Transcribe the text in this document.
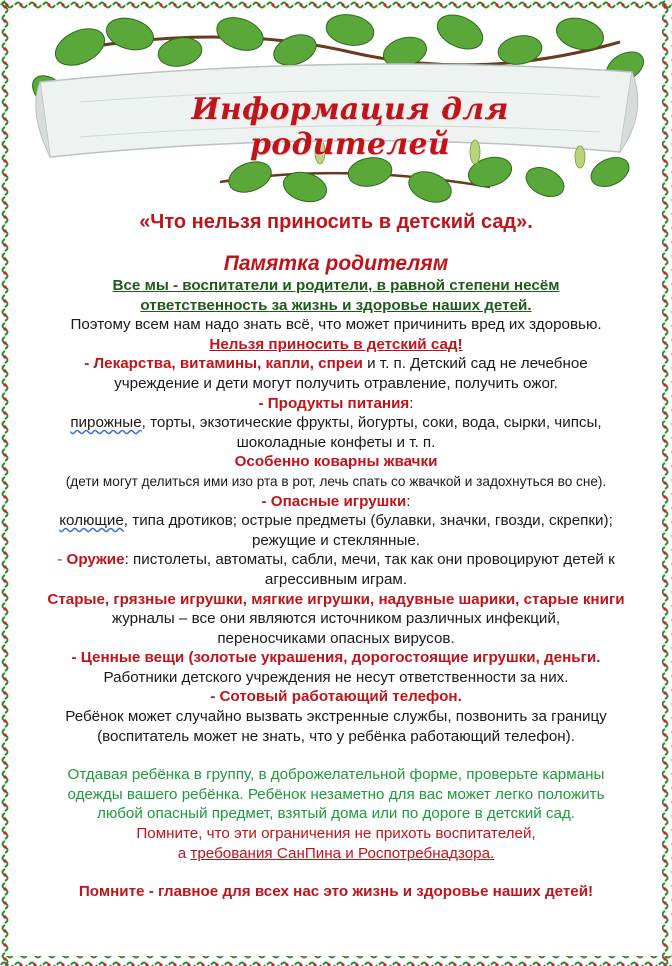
Информация для родителей

«Что нельзя приносить в детский сад».

Памятка родителям

Все мы - воспитатели и родители, в равной степени несём

ответственность за жизнь и здоровье наших детей.

Поэтому всем нам надо знать всё, что может причинить вред их здоровью.

Нельзя приносить в детский сад!

- Лекарства, витамины, капли, спреи и т. п. Детский сад не лечебное

учреждение и дети могут получить отравление, получить ожог.

- Продукты питания:

пирожные, торты, экзотические фрукты, йогурты, соки, вода, сырки, чипсы,

шоколадные конфеты и т. п.

Особенно коварны жвачки

(дети могут делиться ими изо рта в рот, лечь спать со жвачкой и задохнуться во сне).

- Опасные игрушки:

колющие, типа дротиков; острые предметы (булавки, значки, гвозди, скрепки);

режущие и стеклянные.

- Оружие: пистолеты, автоматы, сабли, мечи, так как они провоцируют детей к

агрессивным играм.

Старые, грязные игрушки, мягкие игрушки, надувные шарики, старые книги

журналы – все они являются источником различных инфекций,

переносчиками опасных вирусов.

- Ценные вещи (золотые украшения, дорогостоящие игрушки, деньги.

Работники детского учреждения не несут ответственности за них.

- Сотовый работающий телефон.

Ребёнок может случайно вызвать экстренные службы, позвонить за границу

(воспитатель может не знать, что у ребёнка работающий телефон).

Отдавая ребёнка в группу, в доброжелательной форме, проверьте карманы

одежды вашего ребёнка. Ребёнок незаметно для вас может легко положить

любой опасный предмет, взятый дома или по дороге в детский сад.

Помните, что эти ограничения не прихоть воспитателей,

а требования СанПина и Роспотребнадзора.

Помните - главное для всех нас это жизнь и здоровье наших детей!
